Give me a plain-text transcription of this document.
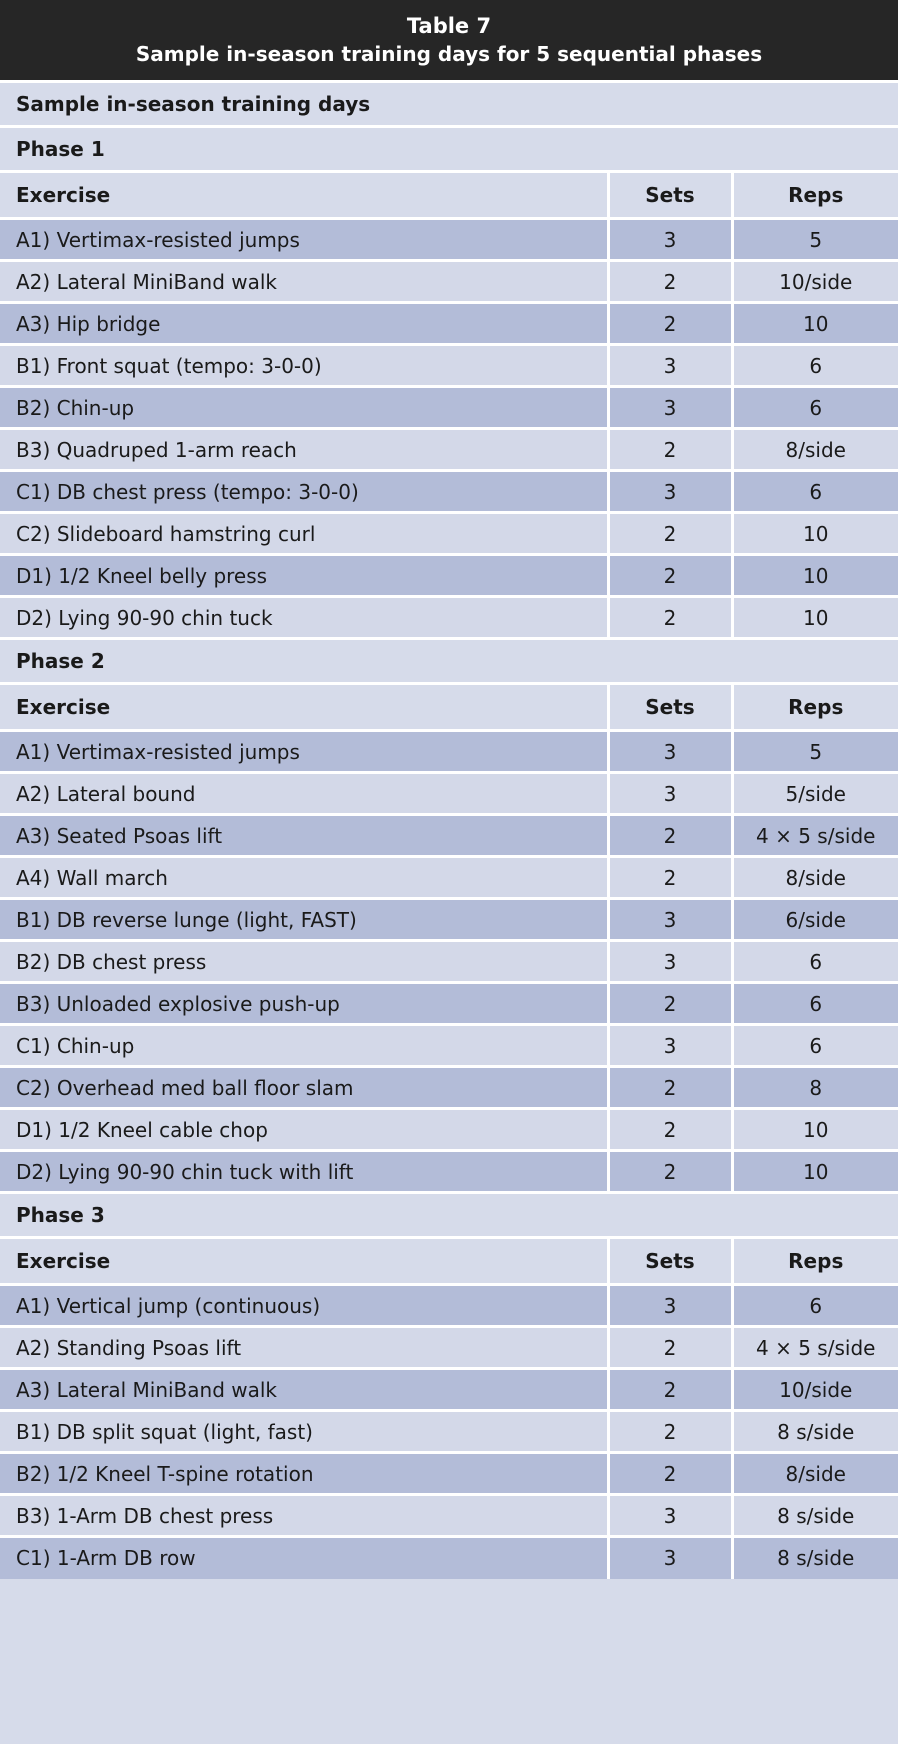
Table 7
Sample in-season training days for 5 sequential phases
Sample in-season training days		
Phase 1		
Exercise	Sets	Reps
A1) Vertimax-resisted jumps	3	5
A2) Lateral MiniBand walk	2	10/side
A3) Hip bridge	2	10
B1) Front squat (tempo: 3-0-0)	3	6
B2) Chin-up	3	6
B3) Quadruped 1-arm reach	2	8/side
C1) DB chest press (tempo: 3-0-0)	3	6
C2) Slideboard hamstring curl	2	10
D1) 1/2 Kneel belly press	2	10
D2) Lying 90-90 chin tuck	2	10
Phase 2		
Exercise	Sets	Reps
A1) Vertimax-resisted jumps	3	5
A2) Lateral bound	3	5/side
A3) Seated Psoas lift	2	4 × 5 s/side
A4) Wall march	2	8/side
B1) DB reverse lunge (light, FAST)	3	6/side
B2) DB chest press	3	6
B3) Unloaded explosive push-up	2	6
C1) Chin-up	3	6
C2) Overhead med ball floor slam	2	8
D1) 1/2 Kneel cable chop	2	10
D2) Lying 90-90 chin tuck with lift	2	10
Phase 3		
Exercise	Sets	Reps
A1) Vertical jump (continuous)	3	6
A2) Standing Psoas lift	2	4 × 5 s/side
A3) Lateral MiniBand walk	2	10/side
B1) DB split squat (light, fast)	2	8 s/side
B2) 1/2 Kneel T-spine rotation	2	8/side
B3) 1-Arm DB chest press	3	8 s/side
C1) 1-Arm DB row	3	8 s/side
